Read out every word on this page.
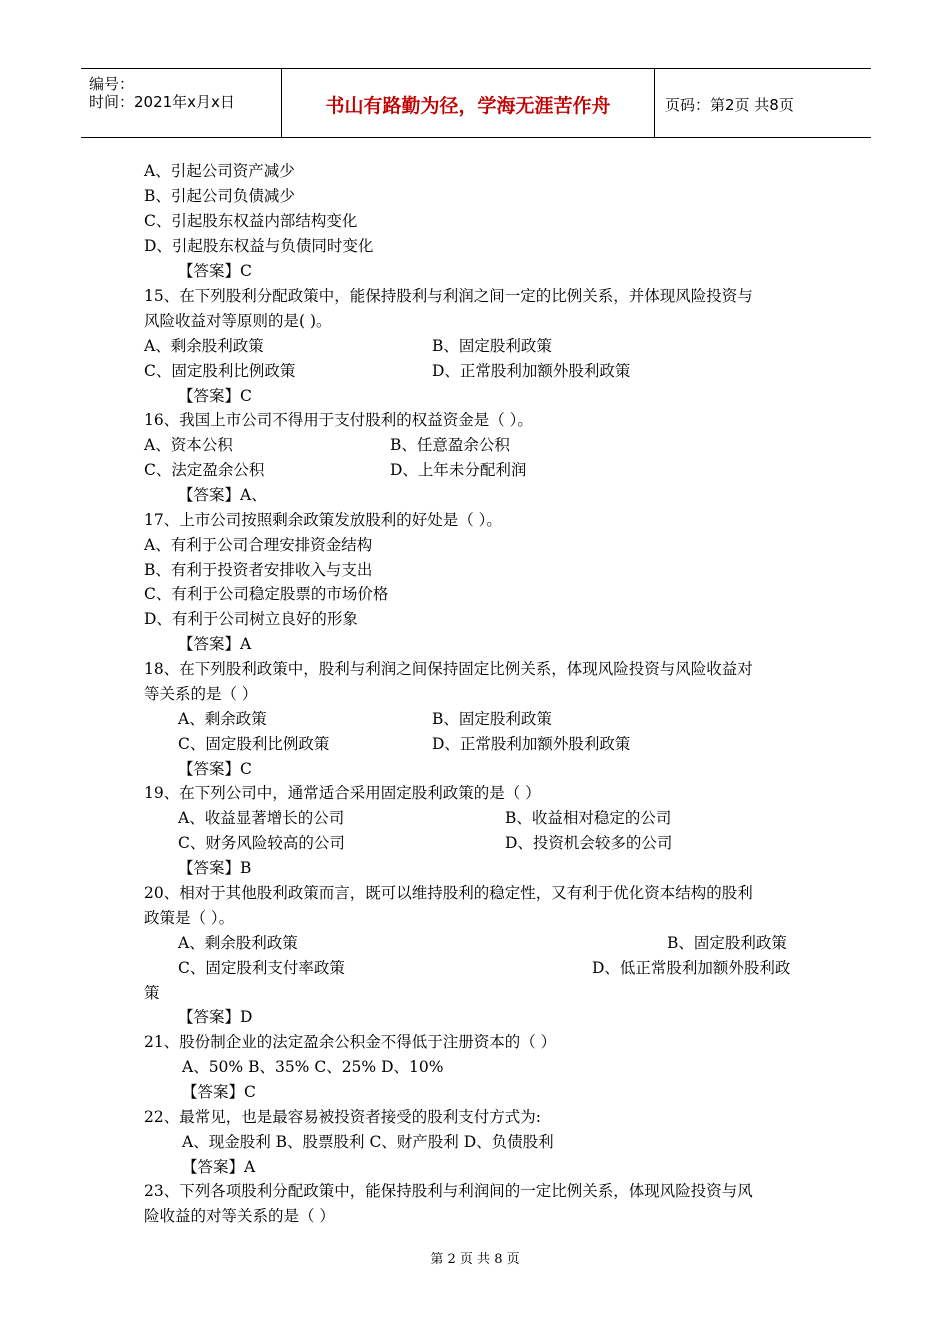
编号：
时间：2021年x月x日	书山有路勤为径，学海无涯苦作舟	页码：第2页 共8页
A、引起公司资产减少
B、引起公司负债减少
C、引起股东权益内部结构变化
D、引起股东权益与负债同时变化
【答案】C
15、在下列股利分配政策中，能保持股利与利润之间一定的比例关系，并体现风险投资与
风险收益对等原则的是( )。
A、剩余股利政策	B、固定股利政策
C、固定股利比例政策	D、正常股利加额外股利政策
【答案】C
16、我国上市公司不得用于支付股利的权益资金是（ ）。
A、资本公积	B、任意盈余公积
C、法定盈余公积	D、上年未分配利润
【答案】A、
17、上市公司按照剩余政策发放股利的好处是（ ）。
A、有利于公司合理安排资金结构
B、有利于投资者安排收入与支出
C、有利于公司稳定股票的市场价格
D、有利于公司树立良好的形象
【答案】A
18、在下列股利政策中，股利与利润之间保持固定比例关系，体现风险投资与风险收益对
等关系的是（ ）
A、剩余政策	B、固定股利政策
C、固定股利比例政策	D、正常股利加额外股利政策
【答案】C
19、在下列公司中，通常适合采用固定股利政策的是（ ）
A、收益显著增长的公司	B、收益相对稳定的公司
C、财务风险较高的公司	D、投资机会较多的公司
【答案】B
20、相对于其他股利政策而言，既可以维持股利的稳定性，又有利于优化资本结构的股利
政策是（ ）。
A、剩余股利政策	B、固定股利政策
C、固定股利支付率政策	D、低正常股利加额外股利政
策
【答案】D
21、股份制企业的法定盈余公积金不得低于注册资本的（ ）
A、50% B、35% C、25% D、10%
【答案】C
22、最常见，也是最容易被投资者接受的股利支付方式为:
A、现金股利 B、股票股利 C、财产股利 D、负债股利
【答案】A
23、下列各项股利分配政策中，能保持股利与利润间的一定比例关系，体现风险投资与风
险收益的对等关系的是（ ）
第 2 页 共 8 页
